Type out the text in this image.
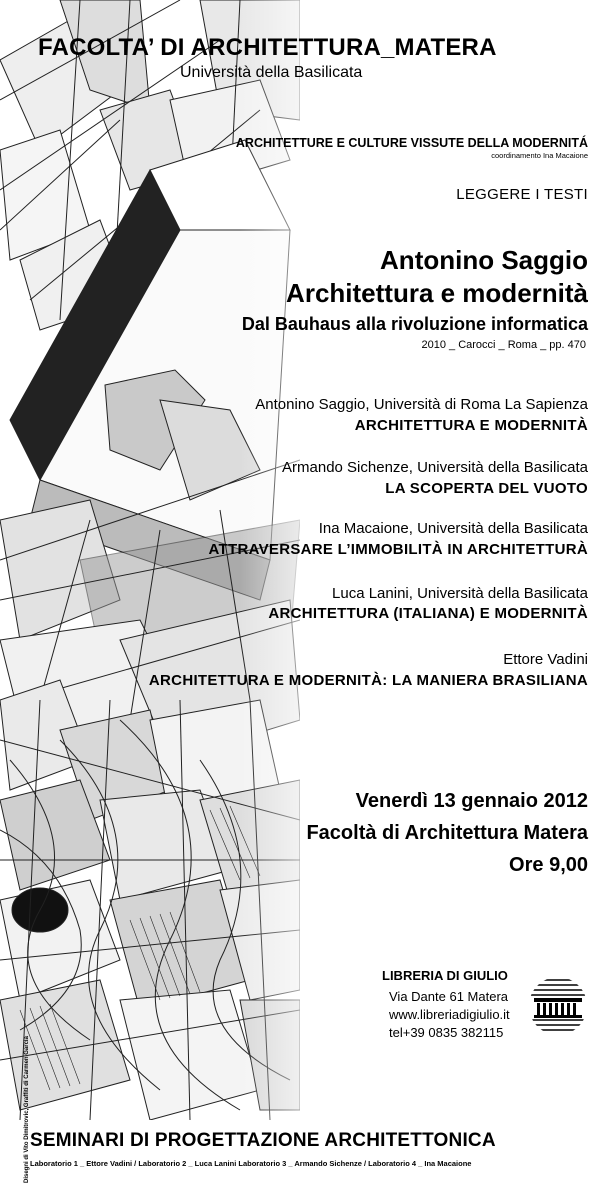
FACOLTA’ DI ARCHITETTURA_MATERA
Università della Basilicata
ARCHITETTURE E CULTURE VISSUTE DELLA MODERNITÁ
coordinamento Ina Macaione
LEGGERE I TESTI
Antonino Saggio
Architettura e modernità
Dal Bauhaus alla rivoluzione informatica
2010 _ Carocci _ Roma _ pp. 470
Antonino Saggio, Università di Roma La Sapienza
ARCHITETTURA E MODERNITÀ
Armando Sichenze, Università della Basilicata
LA SCOPERTA DEL VUOTO
Ina Macaione, Università della Basilicata
ATTRAVERSARE L’IMMOBILITÀ IN ARCHITETTURÀ
Luca Lanini, Università della Basilicata
ARCHITETTURA (ITALIANA) E MODERNITÀ
Ettore Vadini
ARCHITETTURA E MODERNITÀ: LA MANIERA BRASILIANA
Venerdì 13 gennaio 2012
Facoltà di Architettura Matera
Ore 9,00
LIBRERIA DI GIULIO
Via Dante 61 Matera
www.libreriadigiulio.it
tel+39 0835 382115
SEMINARI DI PROGETTAZIONE ARCHITETTONICA
Laboratorio 1 _ Ettore Vadini / Laboratorio 2 _ Luca Lanini Laboratorio 3 _ Armando Sichenze / Laboratorio 4 _ Ina Macaione
Disegni di Vito Dimitrovic, Graffiti di Carmen Garcia
